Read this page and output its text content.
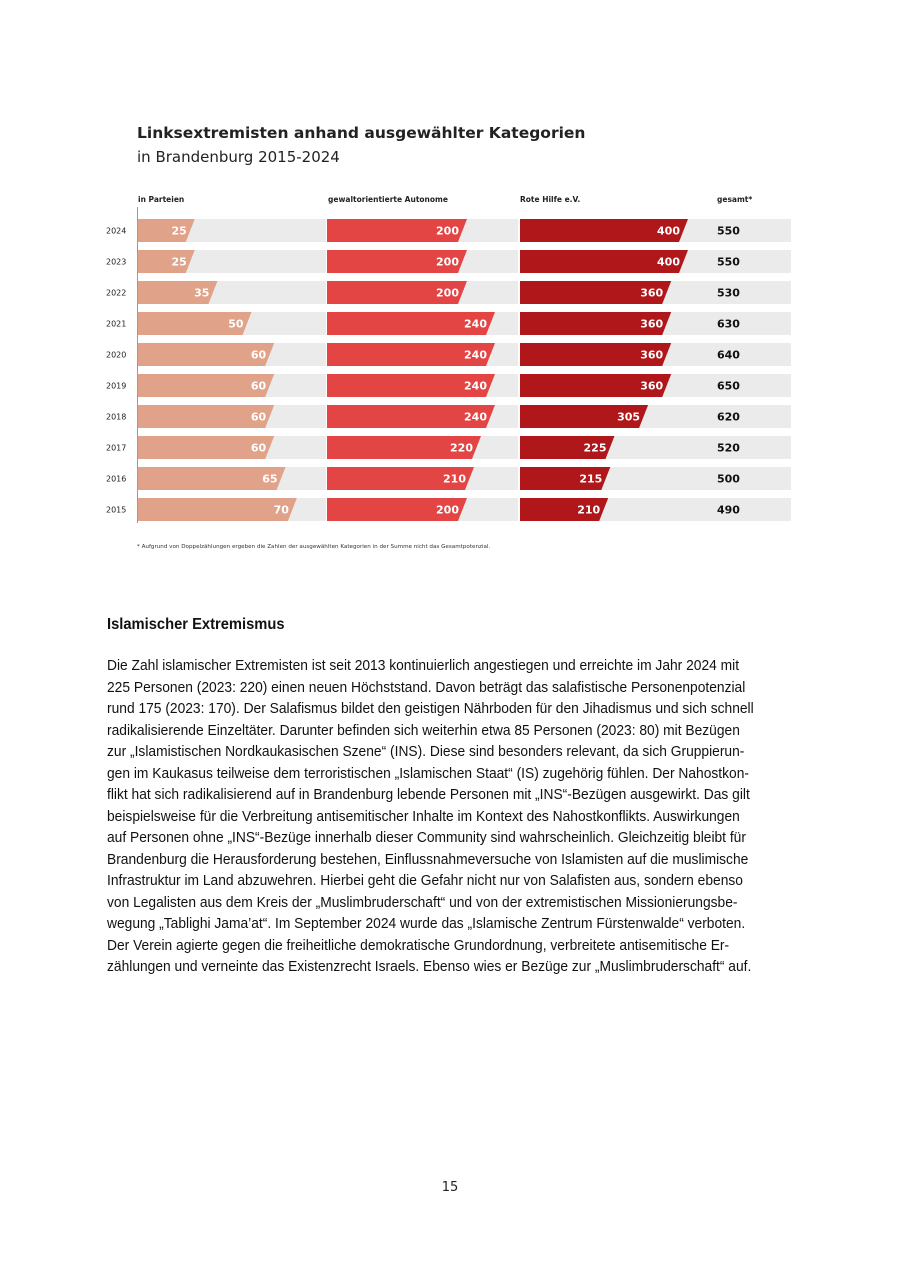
Linksextremisten anhand ausgewählter Kategorien
in Brandenburg 2015-2024
in Parteien	gewaltorientierte Autonome	Rote Hilfe e.V.	gesamt*
2024	25	200	400	550
2023	25	200	400	550
2022	35	200	360	530
2021	50	240	360	630
2020	60	240	360	640
2019	60	240	360	650
2018	60	240	305	620
2017	60	220	225	520
2016	65	210	215	500
2015	70	200	210	490
* Aufgrund von Doppelzählungen ergeben die Zahlen der ausgewählten Kategorien in der Summe nicht das Gesamtpotenzial.
Islamischer Extremismus
Die Zahl islamischer Extremisten ist seit 2013 kontinuierlich angestiegen und erreichte im Jahr 2024 mit
225 Personen (2023: 220) einen neuen Höchststand. Davon beträgt das salafistische Personenpotenzial
rund 175 (2023: 170). Der Salafismus bildet den geistigen Nährboden für den Jihadismus und sich schnell
radikalisierende Einzeltäter. Darunter befinden sich weiterhin etwa 85 Personen (2023: 80) mit Bezügen
zur „Islamistischen Nordkaukasischen Szene“ (INS). Diese sind besonders relevant, da sich Gruppierun-
gen im Kaukasus teilweise dem terroristischen „Islamischen Staat“ (IS) zugehörig fühlen. Der Nahostkon-
flikt hat sich radikalisierend auf in Brandenburg lebende Personen mit „INS“-Bezügen ausgewirkt. Das gilt
beispielsweise für die Verbreitung antisemitischer Inhalte im Kontext des Nahostkonflikts. Auswirkungen
auf Personen ohne „INS“-Bezüge innerhalb dieser Community sind wahrscheinlich. Gleichzeitig bleibt für
Brandenburg die Herausforderung bestehen, Einflussnahmeversuche von Islamisten auf die muslimische
Infrastruktur im Land abzuwehren. Hierbei geht die Gefahr nicht nur von Salafisten aus, sondern ebenso
von Legalisten aus dem Kreis der „Muslimbruderschaft“ und von der extremistischen Missionierungsbe-
wegung „Tablighi Jama’at“. Im September 2024 wurde das „Islamische Zentrum Fürstenwalde“ verboten.
Der Verein agierte gegen die freiheitliche demokratische Grundordnung, verbreitete antisemitische Er-
zählungen und verneinte das Existenzrecht Israels. Ebenso wies er Bezüge zur „Muslimbruderschaft“ auf.
15
